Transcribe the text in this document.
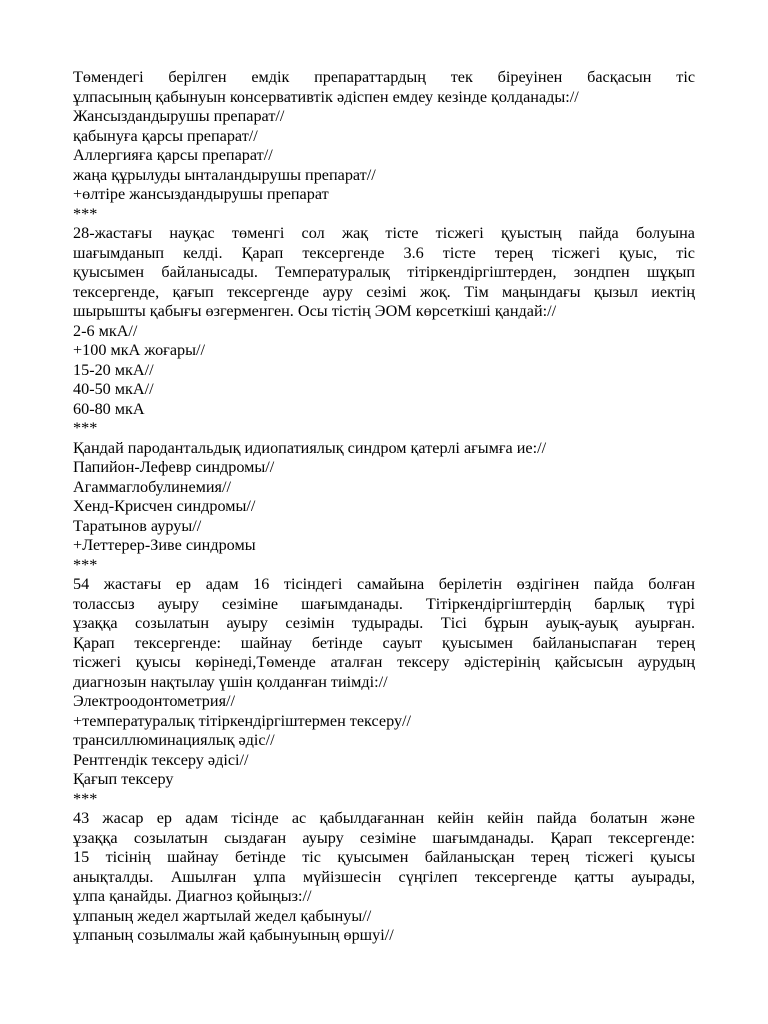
Төмендегі берілген емдік препараттардың тек біреуінен басқасын тіс
ұлпасының қабынуын консервативтік әдіспен емдеу кезінде қолданады://
Жансыздандырушы препарат//
қабынуға қарсы препарат//
Аллергияға қарсы препарат//
жаңа құрылуды ынталандырушы препарат//
+өлтіре жансыздандырушы препарат
***
28-жастағы науқас төменгі сол жақ тісте тісжегі қуыстың пайда болуына
шағымданып келді. Қарап тексергенде 3.6 тісте терең тісжегі қуыс, тіс
қуысымен байланысады. Температуралық тітіркендіргіштерден, зондпен шұқып
тексергенде, қағып тексергенде ауру сезімі жоқ. Тім маңындағы қызыл иектің
шырышты қабығы өзгерменген. Осы тістің ЭОМ көрсеткіші қандай://
2-6 мкА//
+100 мкА жоғары//
15-20 мкА//
40-50 мкА//
60-80 мкА
***
Қандай пародантальдық идиопатиялық синдром қатерлі ағымға ие://
Папийон-Лефевр синдромы//
Агаммаглобулинемия//
Хенд-Крисчен синдромы//
Таратынов ауруы//
+Леттерер-Зиве синдромы
***
54 жастағы ер адам 16 тісіндегі самайына берілетін өздігінен пайда болған
толассыз ауыру сезіміне шағымданады. Тітіркендіргіштердің барлық түрі
ұзаққа созылатын ауыру сезімін тудырады. Тісі бұрын ауық-ауық ауырған.
Қарап тексергенде: шайнау бетінде сауыт қуысымен байланыспаған терең
тісжегі қуысы көрінеді,Төменде аталған тексеру әдістерінің қайсысын аурудың
диагнозын нақтылау үшін қолданған тиімді://
Электроодонтометрия//
+температуралық тітіркендіргіштермен тексеру//
трансиллюминациялық әдіс//
Рентгендік тексеру әдісі//
Қағып тексеру
***
43 жасар ер адам тісінде ас қабылдағаннан кейін кейін пайда болатын және
ұзаққа созылатын сыздаған ауыру сезіміне шағымданады. Қарап тексергенде:
15 тісінің шайнау бетінде тіс қуысымен байланысқан терең тісжегі қуысы
анықталды. Ашылған ұлпа мүйізшесін сүңгілеп тексергенде қатты ауырады,
ұлпа қанайды. Диагноз қойыңыз://
ұлпаның жедел жартылай жедел қабынуы//
ұлпаның созылмалы жай қабынуының өршуі//
